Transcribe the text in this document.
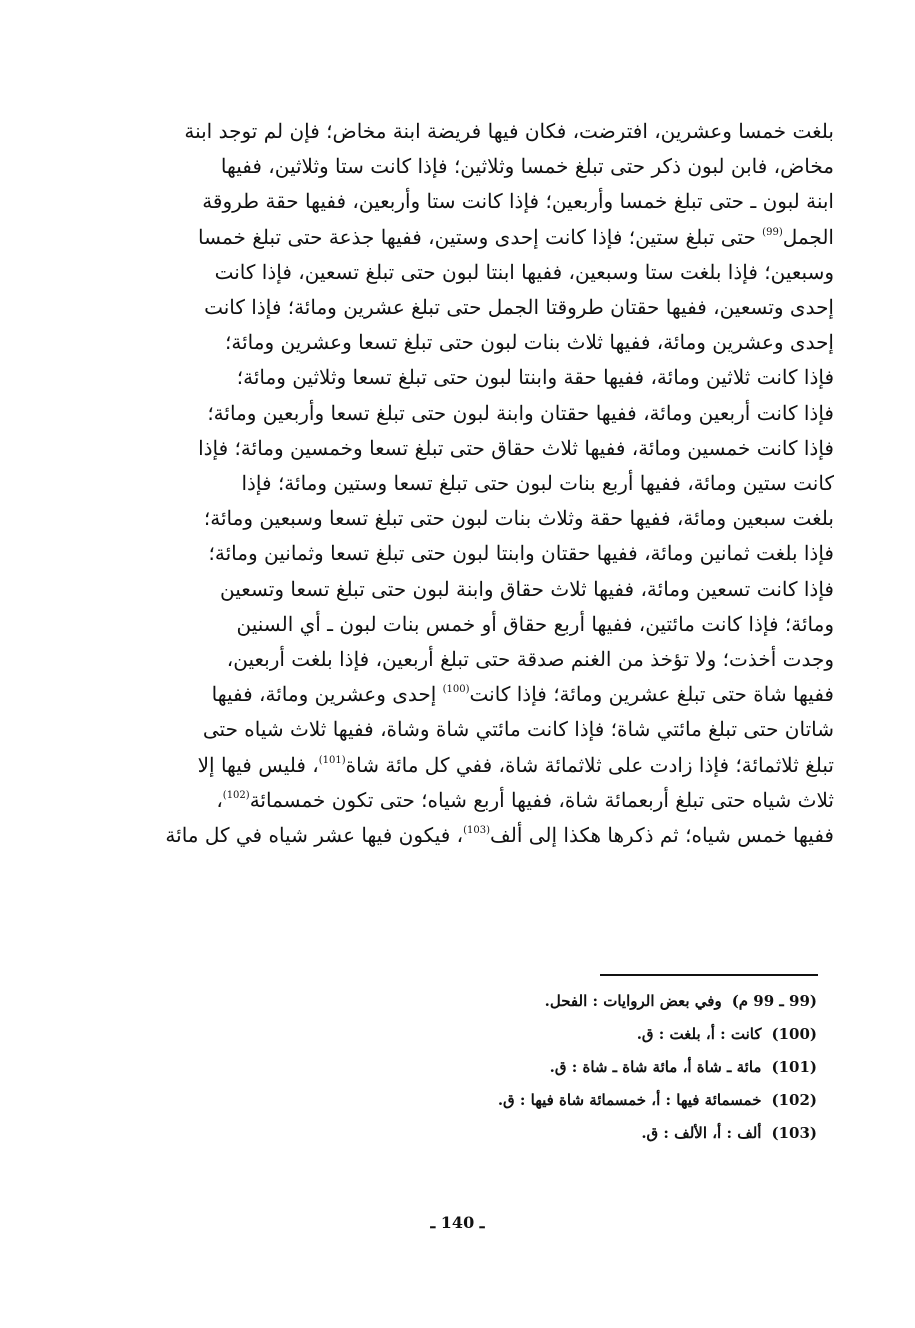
بلغت خمسا وعشرين، افترضت، فكان فيها فريضة ابنة مخاض؛ فإن لم توجد ابنة
مخاض، فابن لبون ذكر حتى تبلغ خمسا وثلاثين؛ فإذا كانت ستا وثلاثين، ففيها
ابنة لبون ـ حتى تبلغ خمسا وأربعين؛ فإذا كانت ستا وأربعين، ففيها حقة طروقة
الجمل$^{(99)}$ حتى تبلغ ستين؛ فإذا كانت إحدى وستين، ففيها جذعة حتى تبلغ خمسا
وسبعين؛ فإذا بلغت ستا وسبعين، ففيها ابنتا لبون حتى تبلغ تسعين، فإذا كانت
إحدى وتسعين، ففيها حقتان طروقتا الجمل حتى تبلغ عشرين ومائة؛ فإذا كانت
إحدى وعشرين ومائة، ففيها ثلاث بنات لبون حتى تبلغ تسعا وعشرين ومائة؛
فإذا كانت ثلاثين ومائة، ففيها حقة وابنتا لبون حتى تبلغ تسعا وثلاثين ومائة؛
فإذا كانت أربعين ومائة، ففيها حقتان وابنة لبون حتى تبلغ تسعا وأربعين ومائة؛
فإذا كانت خمسين ومائة، ففيها ثلاث حقاق حتى تبلغ تسعا وخمسين ومائة؛ فإذا
كانت ستين ومائة، ففيها أربع بنات لبون حتى تبلغ تسعا وستين ومائة؛ فإذا
بلغت سبعين ومائة، ففيها حقة وثلاث بنات لبون حتى تبلغ تسعا وسبعين ومائة؛
فإذا بلغت ثمانين ومائة، ففيها حقتان وابنتا لبون حتى تبلغ تسعا وثمانين ومائة؛
فإذا كانت تسعين ومائة، ففيها ثلاث حقاق وابنة لبون حتى تبلغ تسعا وتسعين
ومائة؛ فإذا كانت مائتين، ففيها أربع حقاق أو خمس بنات لبون ـ أي السنين
وجدت أخذت؛ ولا تؤخذ من الغنم صدقة حتى تبلغ أربعين، فإذا بلغت أربعين،
ففيها شاة حتى تبلغ عشرين ومائة؛ فإذا كانت$^{(100)}$ إحدى وعشرين ومائة، ففيها
شاتان حتى تبلغ مائتي شاة؛ فإذا كانت مائتي شاة وشاة، ففيها ثلاث شياه حتى
تبلغ ثلاثمائة؛ فإذا زادت على ثلاثمائة شاة، ففي كل مائة شاة$^{(101)}$، فليس فيها إلا
ثلاث شياه حتى تبلغ أربعمائة شاة، ففيها أربع شياه؛ حتى تكون خمسمائة$^{(102)}$،
ففيها خمس شياه؛ ثم ذكرها هكذا إلى ألف$^{(103)}$، فيكون فيها عشر شياه في كل مائة
(99 ـ 99 م)وفي بعض الروايات : الفحل.
(100)كانت : أ، بلغت : ق.
(101)مائة ـ شاة أ، مائة شاة ـ شاة : ق.
(102)خمسمائة فيها : أ، خمسمائة شاة فيها : ق.
(103)ألف : أ، الألف : ق.
ـ 140 ـ
